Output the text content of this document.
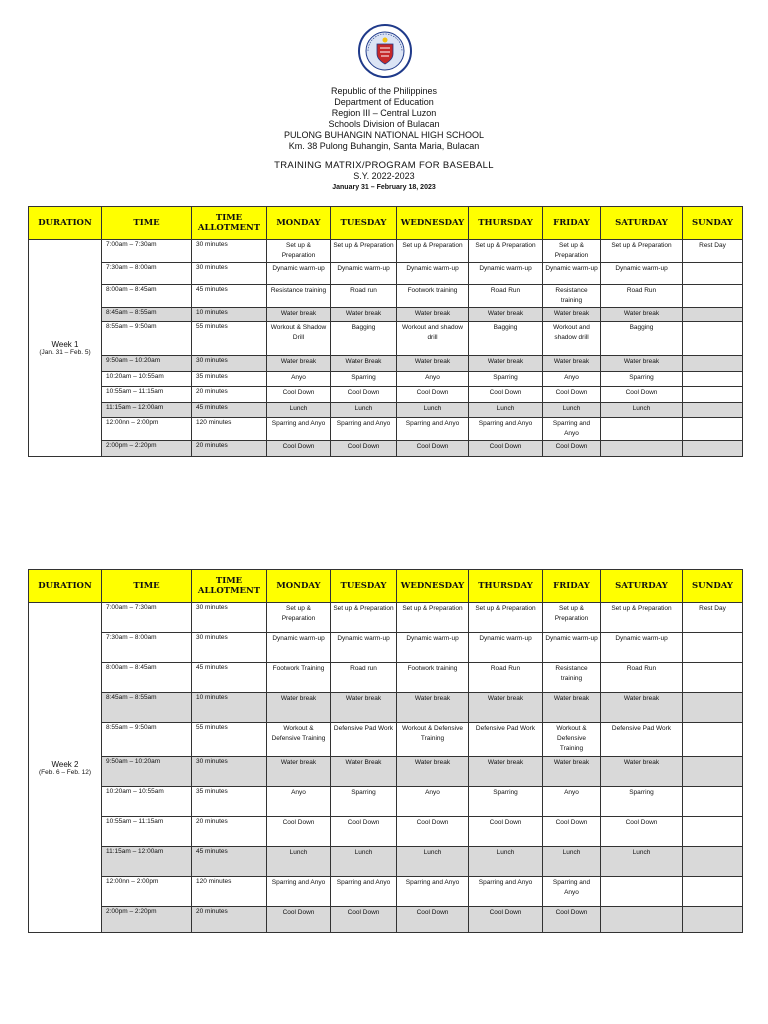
Republic of the Philippines
Department of Education
Region III – Central Luzon
Schools Division of Bulacan
PULONG BUHANGIN NATIONAL HIGH SCHOOL
Km. 38 Pulong Buhangin, Santa Maria, Bulacan
TRAINING MATRIX/PROGRAM FOR BASEBALL
S.Y. 2022-2023
January 31 – February 18, 2023
DURATION	TIME	TIME ALLOTMENT	MONDAY	TUESDAY	WEDNESDAY	THURSDAY	FRIDAY	SATURDAY	SUNDAY

Week 1
(Jan. 31 – Feb. 5)	7:00am – 7:30am	30 minutes	Set up & Preparation	Set up & Preparation	Set up & Preparation	Set up & Preparation	Set up & Preparation	Set up & Preparation	Rest Day
	7:30am – 8:00am	30 minutes	Dynamic warm-up	Dynamic warm-up	Dynamic warm-up	Dynamic warm-up	Dynamic warm-up	Dynamic warm-up	
	8:00am – 8:45am	45 minutes	Resistance training	Road run	Footwork training	Road Run	Resistance training	Road Run	
	8:45am – 8:55am	10 minutes	Water break	Water break	Water break	Water break	Water break	Water break	
	8:55am – 9:50am	55 minutes	Workout & Shadow Drill	Bagging	Workout and shadow drill	Bagging	Workout and shadow drill	Bagging	
	9:50am – 10:20am	30 minutes	Water break	Water Break	Water break	Water break	Water break	Water break	
	10:20am – 10:55am	35 minutes	Anyo	Sparring	Anyo	Sparring	Anyo	Sparring	
	10:55am – 11:15am	20 minutes	Cool Down	Cool Down	Cool Down	Cool Down	Cool Down	Cool Down	
	11:15am – 12:00am	45 minutes	Lunch	Lunch	Lunch	Lunch	Lunch	Lunch	
	12:00nn – 2:00pm	120 minutes	Sparring and Anyo	Sparring and Anyo	Sparring and Anyo	Sparring and Anyo	Sparring and Anyo		
	2:00pm – 2:20pm	20 minutes	Cool Down	Cool Down	Cool Down	Cool Down	Cool Down		
DURATION	TIME	TIME ALLOTMENT	MONDAY	TUESDAY	WEDNESDAY	THURSDAY	FRIDAY	SATURDAY	SUNDAY

Week 2
(Feb. 6 – Feb. 12)	7:00am – 7:30am	30 minutes	Set up & Preparation	Set up & Preparation	Set up & Preparation	Set up & Preparation	Set up & Preparation	Set up & Preparation	Rest Day
	7:30am – 8:00am	30 minutes	Dynamic warm-up	Dynamic warm-up	Dynamic warm-up	Dynamic warm-up	Dynamic warm-up	Dynamic warm-up	
	8:00am – 8:45am	45 minutes	Footwork Training	Road run	Footwork training	Road Run	Resistance training	Road Run	
	8:45am – 8:55am	10 minutes	Water break	Water break	Water break	Water break	Water break	Water break	
	8:55am – 9:50am	55 minutes	Workout & Defensive Training	Defensive Pad Work	Workout & Defensive Training	Defensive Pad Work	Workout & Defensive Training	Defensive Pad Work	
	9:50am – 10:20am	30 minutes	Water break	Water Break	Water break	Water break	Water break	Water break	
	10:20am – 10:55am	35 minutes	Anyo	Sparring	Anyo	Sparring	Anyo	Sparring	
	10:55am – 11:15am	20 minutes	Cool Down	Cool Down	Cool Down	Cool Down	Cool Down	Cool Down	
	11:15am – 12:00am	45 minutes	Lunch	Lunch	Lunch	Lunch	Lunch	Lunch	
	12:00nn – 2:00pm	120 minutes	Sparring and Anyo	Sparring and Anyo	Sparring and Anyo	Sparring and Anyo	Sparring and Anyo		
	2:00pm – 2:20pm	20 minutes	Cool Down	Cool Down	Cool Down	Cool Down	Cool Down		
